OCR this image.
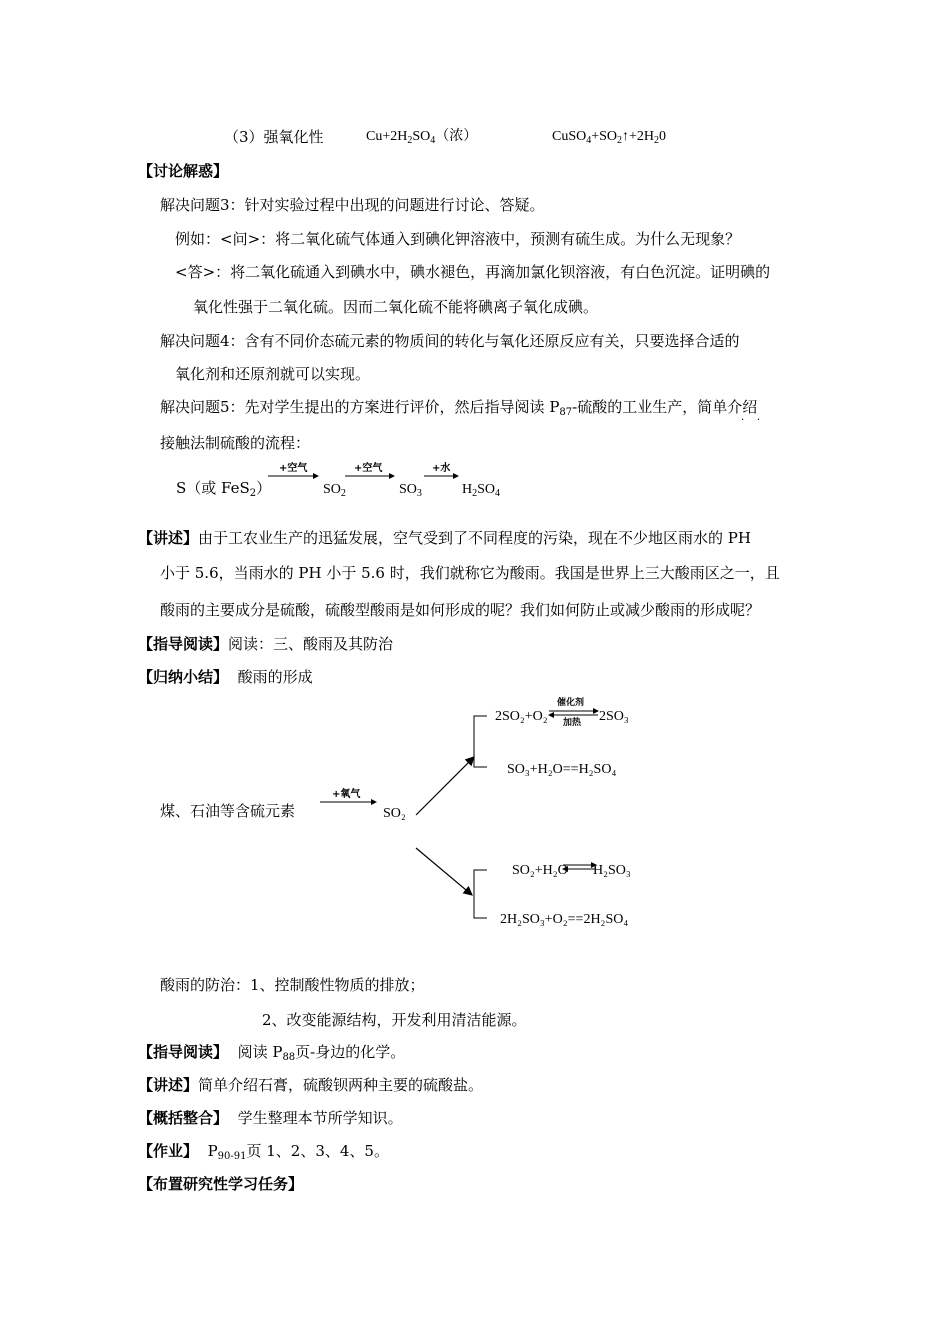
（3）强氧化性	$Cu+2H_2SO_4$（浓）	$CuSO_4+SO_2↑+2H_20$
【讨论解惑】
解决问题3：针对实验过程中出现的问题进行讨论、答疑。
例如：<问>：将二氧化硫气体通入到碘化钾溶液中，预测有硫生成。为什么无现象？
<答>：将二氧化硫通入到碘水中，碘水褪色，再滴加氯化钡溶液，有白色沉淀。证明碘的
氧化性强于二氧化硫。因而二氧化硫不能将碘离子氧化成碘。
解决问题4：含有不同价态硫元素的物质间的转化与氧化还原反应有关，只要选择合适的
氧化剂和还原剂就可以实现。
解决问题5：先对学生提出的方案进行评价，然后指导阅读 $P_{87}-$硫酸的工业生产，简单介绍
·    ·
接触法制硫酸的流程：
S（或 FeS$_2$）
+空气
$SO_2$
+空气
$SO_3$
+水
$H_2SO_4$
【讲述】由于工农业生产的迅猛发展，空气受到了不同程度的污染，现在不少地区雨水的 PH
小于 5.6，当雨水的 PH 小于 5.6 时，我们就称它为酸雨。我国是世界上三大酸雨区之一，且
酸雨的主要成分是硫酸，硫酸型酸雨是如何形成的呢？我们如何防止或减少酸雨的形成呢？
【指导阅读】阅读：三、酸雨及其防治
【归纳小结】 酸雨的形成
煤、石油等含硫元素
+氧气
SO₂
2SO₂+O₂
催化剂
加热 2SO₃
SO₃+H₂O==H₂SO₄
SO₂+H₂O H₂SO₃
2H₂SO₃+O₂==2H₂SO₄
酸雨的防治：1、控制酸性物质的排放；
2、改变能源结构，开发利用清洁能源。
【指导阅读】 阅读 $P_{88}$页-身边的化学。
【讲述】简单介绍石膏，硫酸钡两种主要的硫酸盐。
【概括整合】 学生整理本节所学知识。
【作业】 $P_{90-91}$页 1、2、3、4、5。
【布置研究性学习任务】
